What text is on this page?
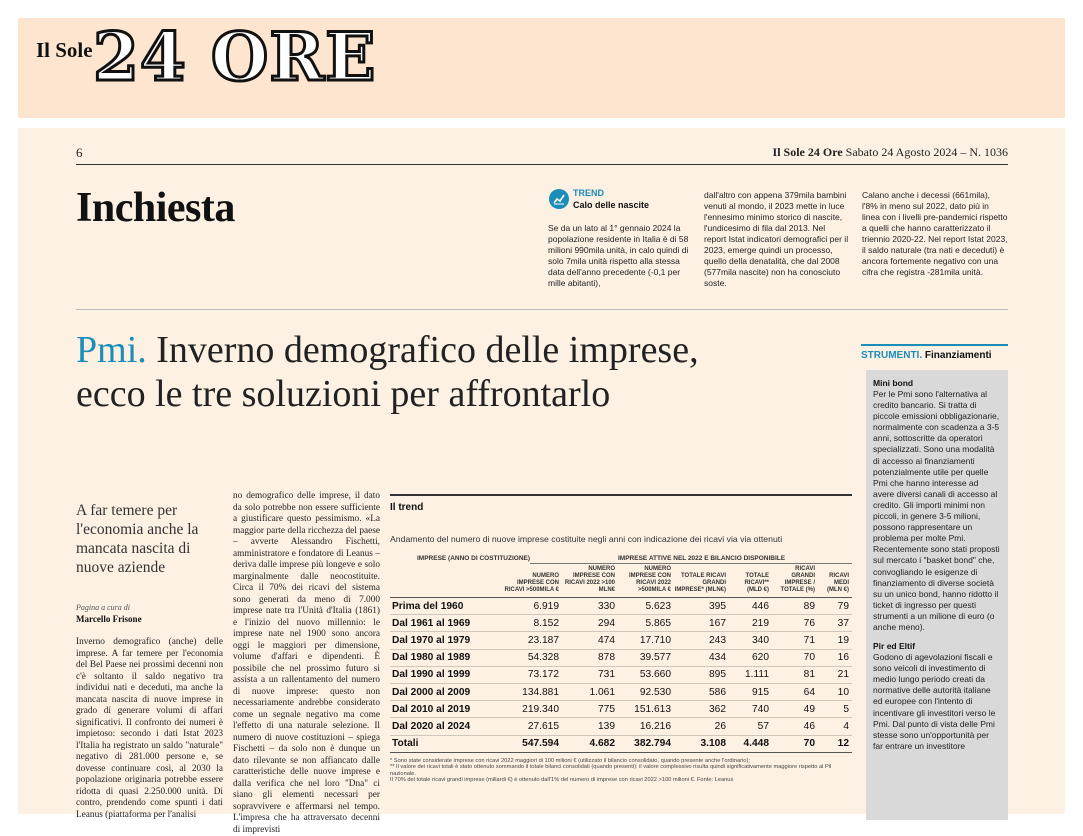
Il Sole 24 ORE
6	Il Sole 24 Ore Sabato 24 Agosto 2024 – N. 1036
Inchiesta	TREND
Calo delle nascite
Se da un lato al 1° gennaio 2024 la popolazione residente in Italia è di 58 milioni 990mila unità, in calo quindi di solo 7mila unità rispetto alla stessa data dell'anno precedente (-0,1 per mille abitanti),
dall'altro con appena 379mila bambini venuti al mondo, il 2023 mette in luce l'ennesimo minimo storico di nascite, l'undicesimo di fila dal 2013. Nel report Istat indicatori demografici per il 2023, emerge quindi un processo, quello della denatalità, che dal 2008 (577mila nascite) non ha conosciuto soste.
Calano anche i decessi (661mila), l'8% in meno sul 2022, dato più in linea con i livelli pre-pandemici rispetto a quelli che hanno caratterizzato il triennio 2020-22. Nel report Istat 2023, il saldo naturale (tra nati e deceduti) è ancora fortemente negativo con una cifra che registra -281mila unità.
Pmi. Inverno demografico delle imprese,
ecco le tre soluzioni per affrontarlo
STRUMENTI. Finanziamenti
Mini bond
Per le Pmi sono l'alternativa al credito bancario. Si tratta di piccole emissioni obbligazionarie, normalmente con scadenza a 3-5 anni, sottoscritte da operatori specializzati. Sono una modalità di accesso ai finanziamenti potenzialmente utile per quelle Pmi che hanno interesse ad avere diversi canali di accesso al credito. Gli importi minimi non piccoli, in genere 3-5 milioni, possono rappresentare un problema per molte Pmi. Recentemente sono stati proposti sul mercato i "basket bond" che, convogliando le esigenze di finanziamento di diverse società su un unico bond, hanno ridotto il ticket di ingresso per questi strumenti a un milione di euro (o anche meno).
Pir ed Eltif
Godono di agevolazioni fiscali e sono veicoli di investimento di medio lungo periodo creati da normative delle autorità italiane ed europee con l'intento di incentivare gli investitori verso le Pmi. Dal punto di vista delle Pmi stesse sono un'opportunità per far entrare un investitore
A far temere per l'economia anche la mancata nascita di nuove aziende
Pagina a cura di
Marcello Frisone
Inverno demografico (anche) delle imprese. A far temere per l'economia del Bel Paese nei prossimi decenni non c'è soltanto il saldo negativo tra individui nati e deceduti, ma anche la mancata nascita di nuove imprese in grado di generare volumi di affari significativi. Il confronto dei numeri è impietoso: secondo i dati Istat 2023 l'Italia ha registrato un saldo "naturale" negativo di 281.000 persone e, se dovesse continuare così, al 2030 la popolazione originaria potrebbe essere ridotta di quasi 2.250.000 unità. Di contro, prendendo come spunti i dati Leanus (piattaforma per l'analisi
no demografico delle imprese, il dato da solo potrebbe non essere sufficiente a giustificare questo pessimismo. «La maggior parte della ricchezza del paese – avverte Alessandro Fischetti, amministratore e fondatore di Leanus – deriva dalle imprese più longeve e solo marginalmente dalle neocostituite. Circa il 70% dei ricavi del sistema sono generati da meno di 7.000 imprese nate tra l'Unità d'Italia (1861) e l'inizio del nuovo millennio: le imprese nate nel 1900 sono ancora oggi le maggiori per dimensione, volume d'affari e dipendenti. È possibile che nel prossimo futuro si assista a un rallentamento del numero di nuove imprese: questo non necessariamente andrebbe considerato come un segnale negativo ma come l'effetto di una naturale selezione. Il numero di nuove costituzioni – spiega Fischetti – da solo non è dunque un dato rilevante se non affiancato dalle caratteristiche delle nuove imprese e dalla verifica che nel loro "Dna" ci siano gli elementi necessari per sopravvivere e affermarsi nel tempo. L'impresa che ha attraversato decenni di imprevisti
Il trend
Andamento del numero di nuove imprese costituite negli anni con indicazione dei ricavi via via ottenuti
IMPRESE (ANNO DI COSTITUZIONE)	IMPRESE ATTIVE NEL 2022 E BILANCIO DISPONIBILE
	NUMERO IMPRESE CON RICAVI >500MILA €	NUMERO IMPRESE CON RICAVI 2022 >100 MLN€	NUMERO IMPRESE CON RICAVI 2022 >500MILA €	TOTALE RICAVI GRANDI IMPRESE* (MLN€)	TOTALE RICAVI** (MLD €)	RICAVI GRANDI IMPRESE / TOTALE (%)	RICAVI MEDI (MLN €)
Prima del 1960	6.919	330	5.623	395	446	89	79
Dal 1961 al 1969	8.152	294	5.865	167	219	76	37
Dal 1970 al 1979	23.187	474	17.710	243	340	71	19
Dal 1980 al 1989	54.328	878	39.577	434	620	70	16
Dal 1990 al 1999	73.172	731	53.660	895	1.111	81	21
Dal 2000 al 2009	134.881	1.061	92.530	586	915	64	10
Dal 2010 al 2019	219.340	775	151.613	362	740	49	5
Dal 2020 al 2024	27.615	139	16.216	26	57	46	4
Totali	547.594	4.682	382.794	3.108	4.448	70	12
* Sono state considerate imprese con ricavi 2022 maggiori di 100 milioni € (utilizzato il bilancio consolidato, quando presente anche l'ordinario);
** Il valore dei ricavi totali è stato ottenuto sommando il totale bilanci consolidati (quando presenti): il valore complessivo risulta quindi significativamente maggiore rispetto al Pil nazionale.
Il 70% del totale ricavi grandi imprese (miliardi €) è ottenuto dall'1% del numero di imprese con ricavi 2022 >100 milioni €. Fonte: Leanus
